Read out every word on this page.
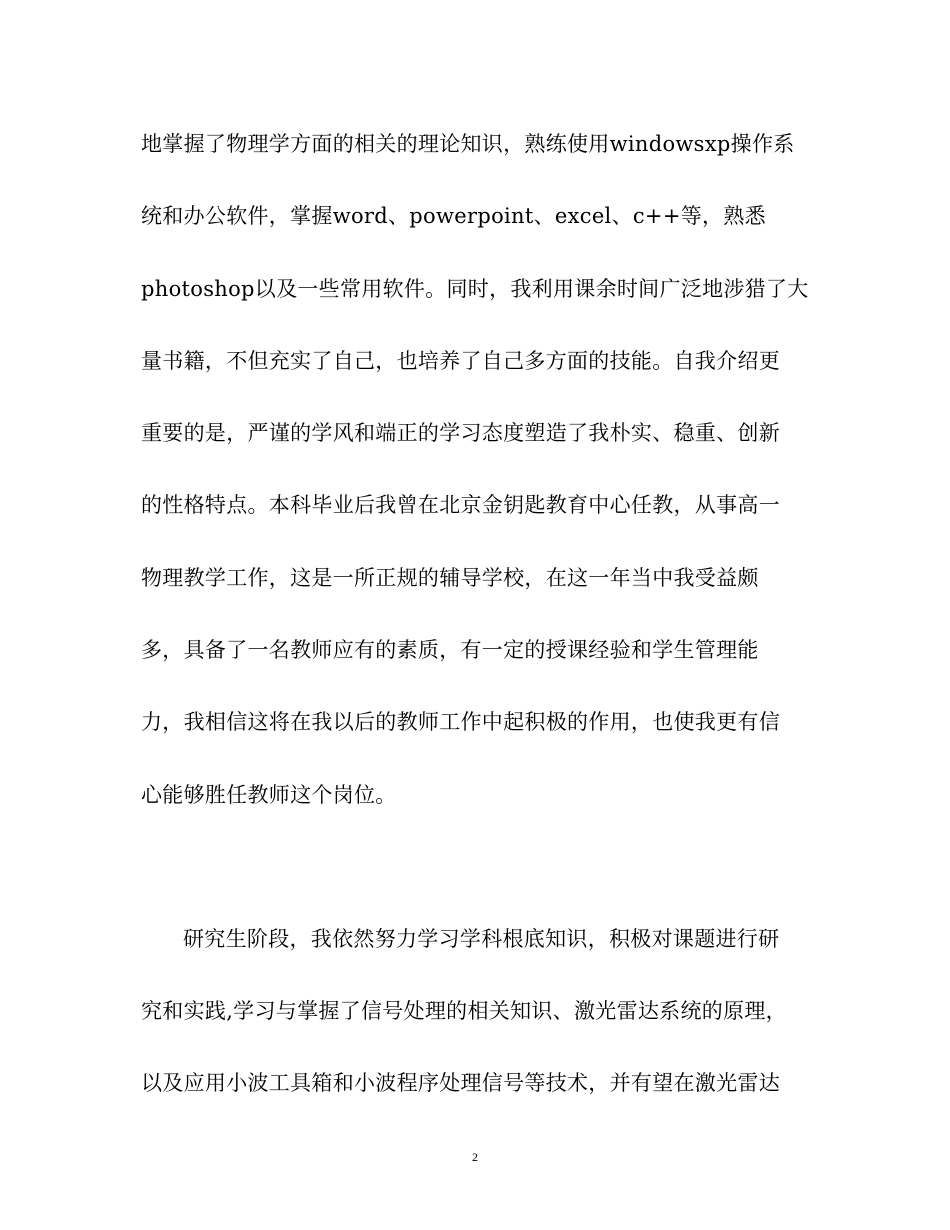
地掌握了物理学方面的相关的理论知识，熟练使用windowsxp操作系
统和办公软件，掌握word、powerpoint、excel、c++等，熟悉
photoshop以及一些常用软件。同时，我利用课余时间广泛地涉猎了大
量书籍，不但充实了自己，也培养了自己多方面的技能。自我介绍更
重要的是，严谨的学风和端正的学习态度塑造了我朴实、稳重、创新
的性格特点。本科毕业后我曾在北京金钥匙教育中心任教，从事高一
物理教学工作，这是一所正规的辅导学校，在这一年当中我受益颇
多，具备了一名教师应有的素质，有一定的授课经验和学生管理能
力，我相信这将在我以后的教师工作中起积极的作用，也使我更有信
心能够胜任教师这个岗位。
研究生阶段，我依然努力学习学科根底知识，积极对课题进行研
究和实践,学习与掌握了信号处理的相关知识、激光雷达系统的原理，
以及应用小波工具箱和小波程序处理信号等技术，并有望在激光雷达
2
